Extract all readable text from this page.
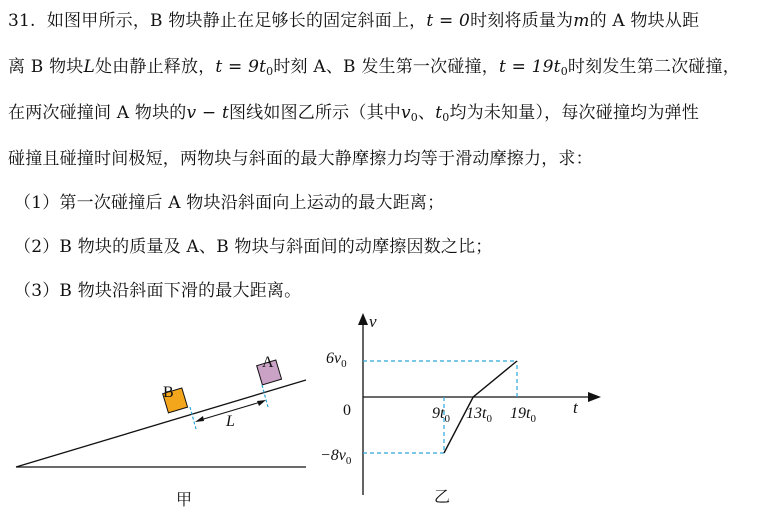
31. 如图甲所示，B 物块静止在足够长的固定斜面上，t = 0时刻将质量为m的 A 物块从距
离 B 物块L处由静止释放，$t = 9t_0$时刻 A、B 发生第一次碰撞，$t = 19t_0$时刻发生第二次碰撞，
在两次碰撞间 A 物块的v − t图线如图乙所示（其中$v_0$、$t_0$均为未知量），每次碰撞均为弹性
碰撞且碰撞时间极短，两物块与斜面的最大静摩擦力均等于滑动摩擦力，求：
（1）第一次碰撞后 A 物块沿斜面向上运动的最大距离；
（2）B 物块的质量及 A、B 物块与斜面间的动摩擦因数之比；
（3）B 物块沿斜面下滑的最大距离。
B
A
L
甲
v
t
0
$6v_0$
$-8v_0$
$9t_0$ $13t_0$ $19t_0$
乙
